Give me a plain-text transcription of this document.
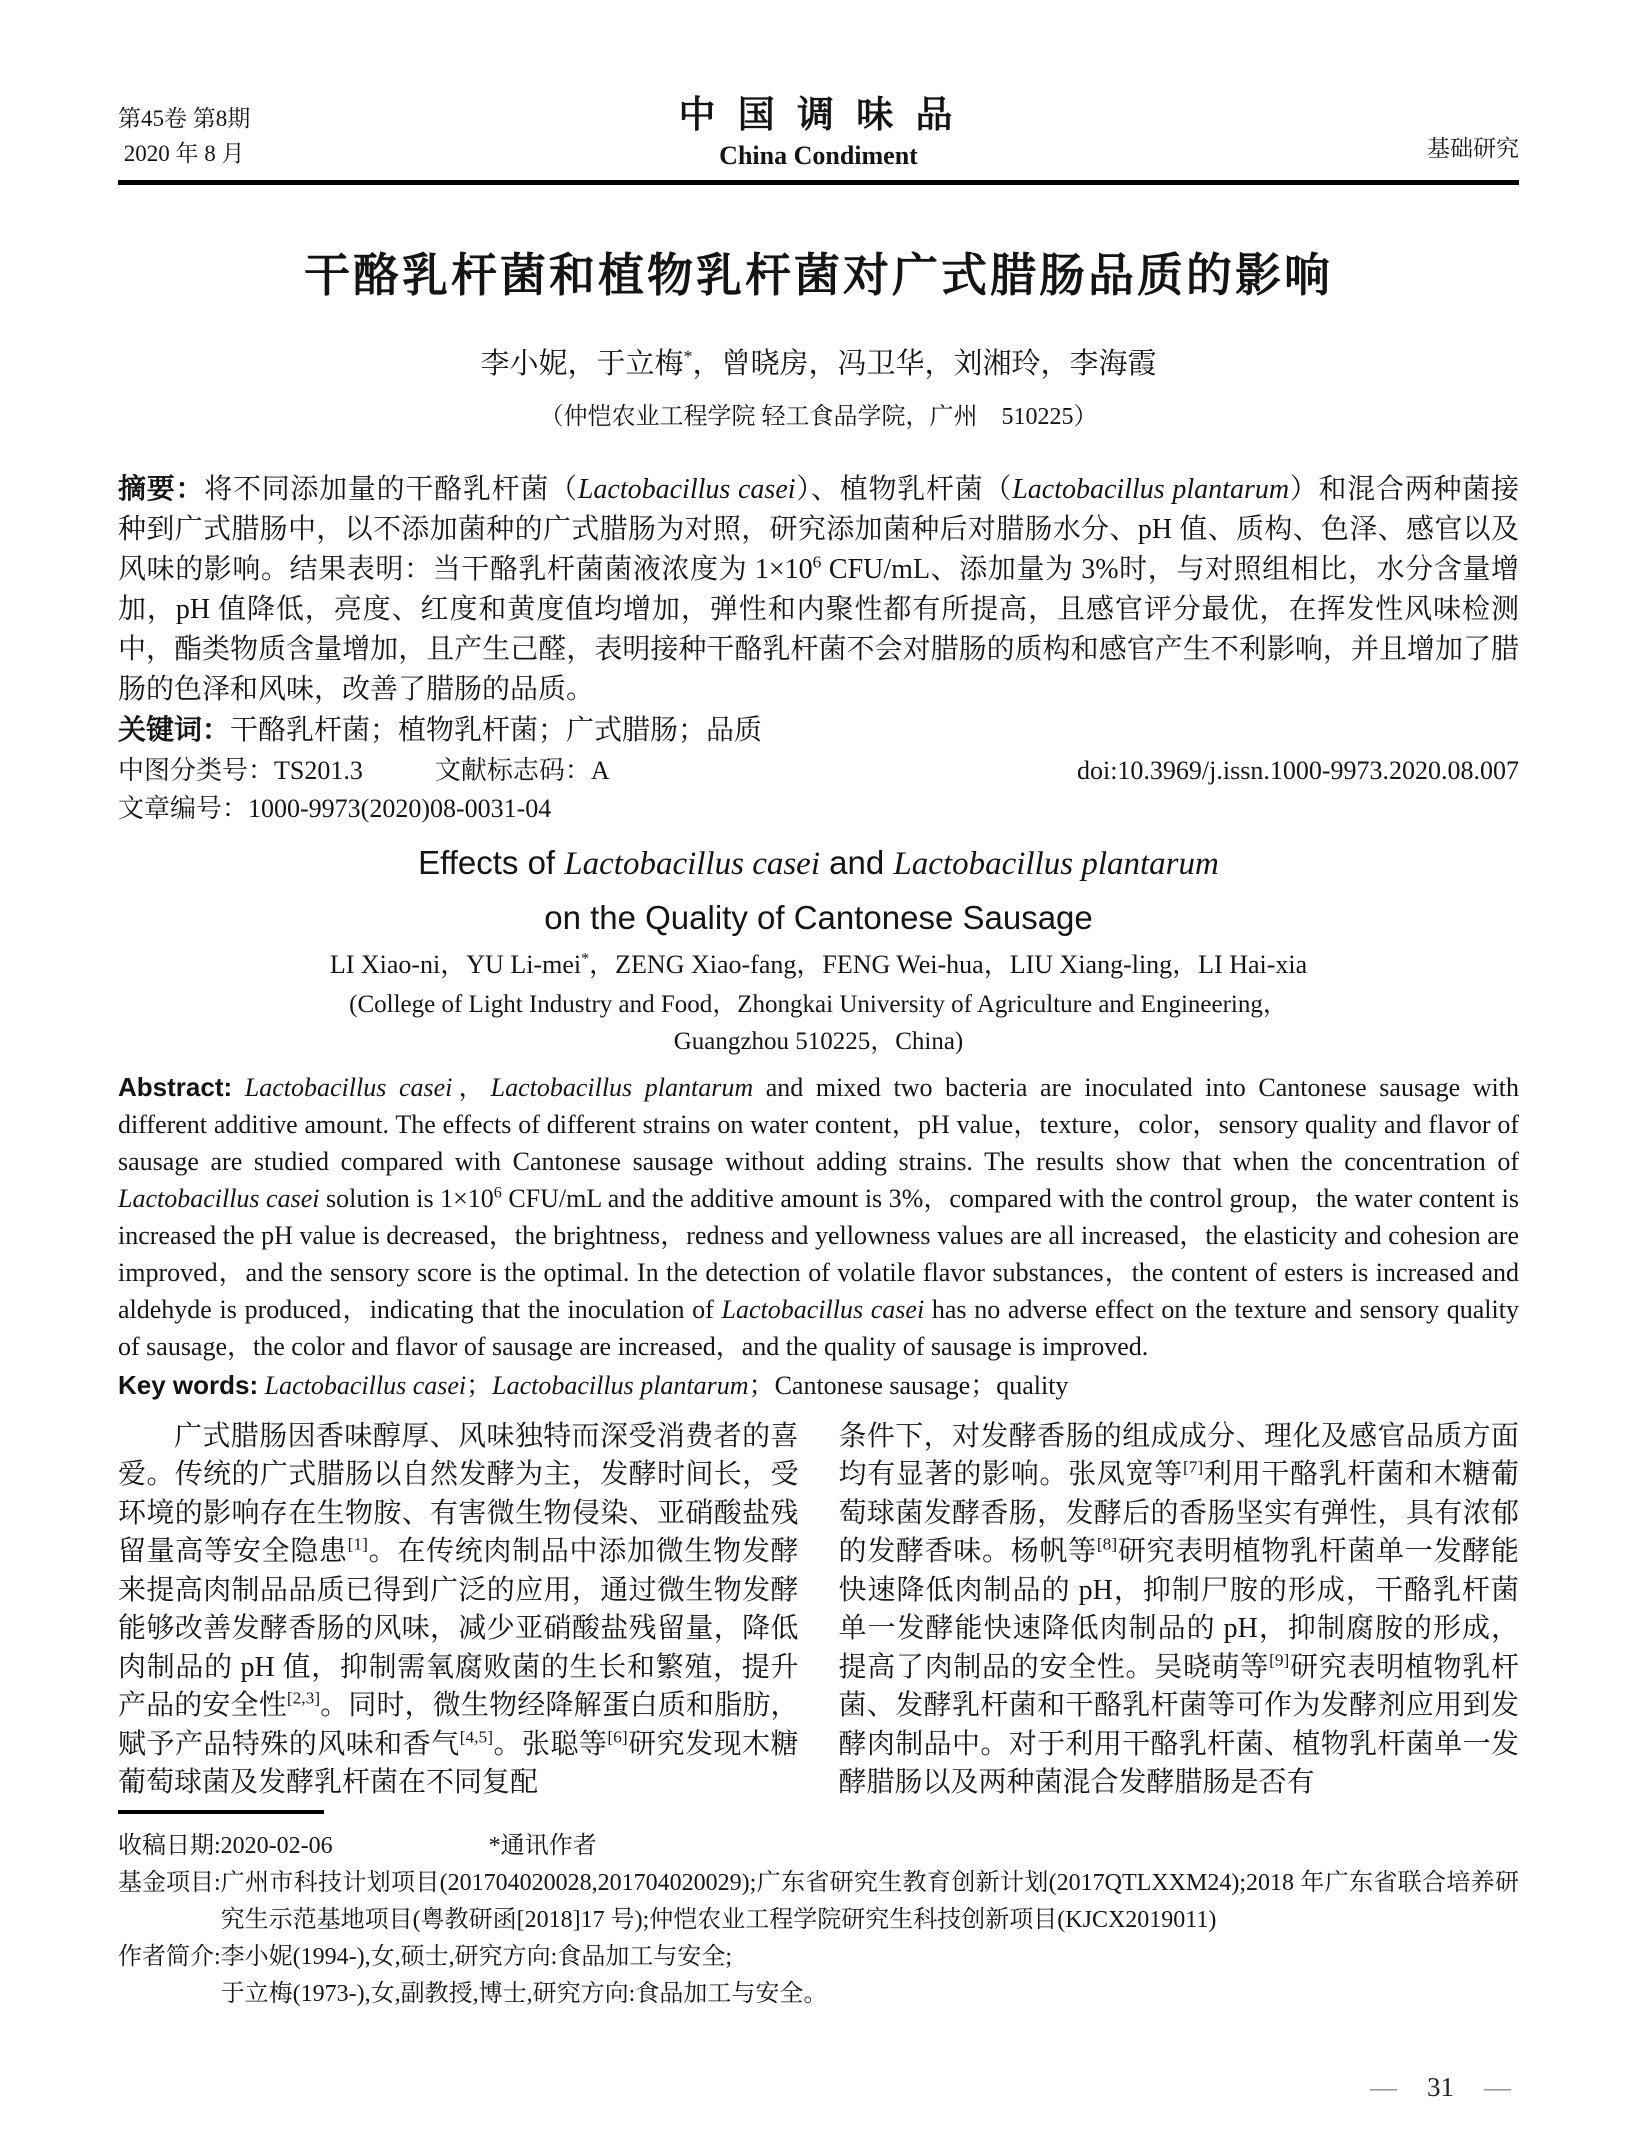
第45卷 第8期
2020 年 8 月
中 国 调 味 品
China Condiment	基础研究
干酪乳杆菌和植物乳杆菌对广式腊肠品质的影响
李小妮，于立梅*，曾晓房，冯卫华，刘湘玲，李海霞
（仲恺农业工程学院 轻工食品学院，广州　510225）

摘要：将不同添加量的干酪乳杆菌（Lactobacillus casei）、植物乳杆菌（Lactobacillus plantarum）和混合两种菌接种到广式腊肠中，以不添加菌种的广式腊肠为对照，研究添加菌种后对腊肠水分、pH 值、质构、色泽、感官以及风味的影响。结果表明：当干酪乳杆菌菌液浓度为 $1\times 10^6$ CFU/mL、添加量为 3%时，与对照组相比，水分含量增加，pH 值降低，亮度、红度和黄度值均增加，弹性和内聚性都有所提高，且感官评分最优，在挥发性风味检测中，酯类物质含量增加，且产生己醛，表明接种干酪乳杆菌不会对腊肠的质构和感官产生不利影响，并且增加了腊肠的色泽和风味，改善了腊肠的品质。

关键词：干酪乳杆菌；植物乳杆菌；广式腊肠；品质

中图分类号：TS201.3	文献标志码：A	doi:10.3969/j.issn.1000-9973.2020.08.007
文章编号：1000-9973(2020)08-0031-04
Effects of Lactobacillus casei and Lactobacillus plantarum
on the Quality of Cantonese Sausage
LI Xiao-ni，YU Li-mei*，ZENG Xiao-fang，FENG Wei-hua，LIU Xiang-ling，LI Hai-xia
(College of Light Industry and Food，Zhongkai University of Agriculture and Engineering，
Guangzhou 510225，China)

Abstract: Lactobacillus casei，Lactobacillus plantarum and mixed two bacteria are inoculated into Cantonese sausage with different additive amount. The effects of different strains on water content，pH value，texture，color，sensory quality and flavor of sausage are studied compared with Cantonese sausage without adding strains. The results show that when the concentration of Lactobacillus casei solution is $1\times 10^6$ CFU/mL and the additive amount is 3%，compared with the control group，the water content is increased the pH value is decreased，the brightness，redness and yellowness values are all increased，the elasticity and cohesion are improved，and the sensory score is the optimal. In the detection of volatile flavor substances，the content of esters is increased and aldehyde is produced，indicating that the inoculation of Lactobacillus casei has no adverse effect on the texture and sensory quality of sausage，the color and flavor of sausage are increased，and the quality of sausage is improved.

Key words: Lactobacillus casei；Lactobacillus plantarum；Cantonese sausage；quality

广式腊肠因香味醇厚、风味独特而深受消费者的喜爱。传统的广式腊肠以自然发酵为主，发酵时间长，受环境的影响存在生物胺、有害微生物侵染、亚硝酸盐残留量高等安全隐患[1]。在传统肉制品中添加微生物发酵来提高肉制品品质已得到广泛的应用，通过微生物发酵能够改善发酵香肠的风味，减少亚硝酸盐残留量，降低肉制品的 pH 值，抑制需氧腐败菌的生长和繁殖，提升产品的安全性[2,3]。同时，微生物经降解蛋白质和脂肪，赋予产品特殊的风味和香气[4,5]。张聪等[6]研究发现木糖葡萄球菌及发酵乳杆菌在不同复配

条件下，对发酵香肠的组成成分、理化及感官品质方面均有显著的影响。张凤宽等[7]利用干酪乳杆菌和木糖葡萄球菌发酵香肠，发酵后的香肠坚实有弹性，具有浓郁的发酵香味。杨帆等[8]研究表明植物乳杆菌单一发酵能快速降低肉制品的 pH，抑制尸胺的形成，干酪乳杆菌单一发酵能快速降低肉制品的 pH，抑制腐胺的形成，提高了肉制品的安全性。吴晓萌等[9]研究表明植物乳杆菌、发酵乳杆菌和干酪乳杆菌等可作为发酵剂应用到发酵肉制品中。对于利用干酪乳杆菌、植物乳杆菌单一发酵腊肠以及两种菌混合发酵腊肠是否有

收稿日期:2020-02-06	*通讯作者
基金项目: 广州市科技计划项目(201704020028,201704020029);广东省研究生教育创新计划(2017QTLXXM24);2018 年广东省联合培养研究生示范基地项目(粤教研函[2018]17 号);仲恺农业工程学院研究生科技创新项目(KJCX2019011)
作者简介: 李小妮(1994-),女,硕士,研究方向:食品加工与安全;
于立梅(1973-),女,副教授,博士,研究方向:食品加工与安全。
— 31 —
